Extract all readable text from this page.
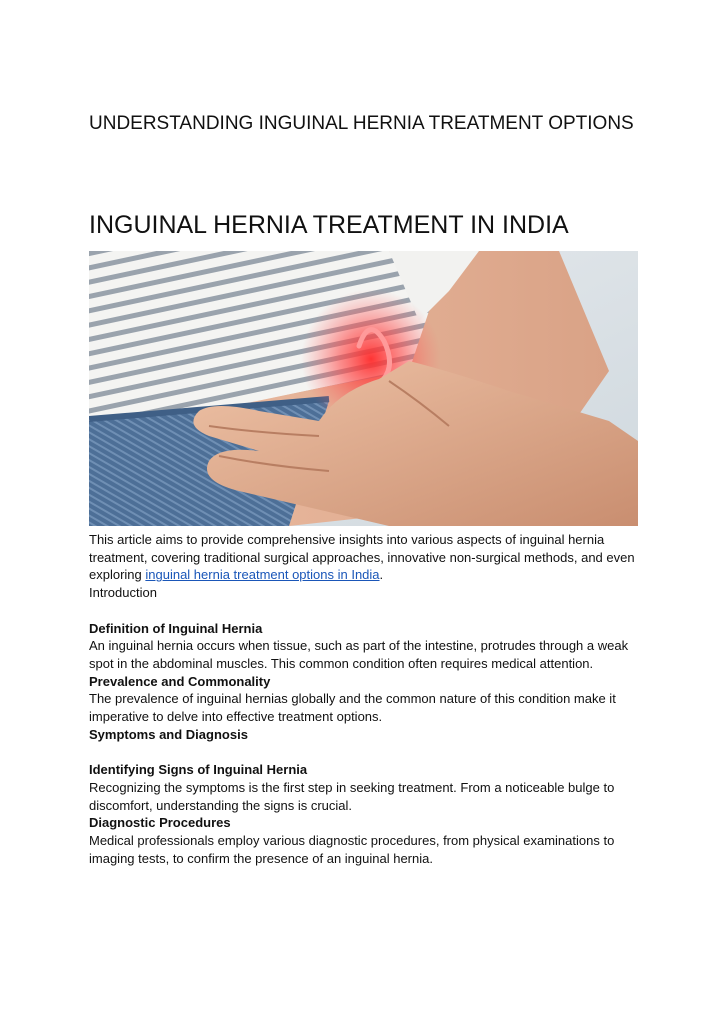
UNDERSTANDING INGUINAL HERNIA TREATMENT OPTIONS
INGUINAL HERNIA TREATMENT IN INDIA

This article aims to provide comprehensive insights into various aspects of inguinal hernia treatment, covering traditional surgical approaches, innovative non-surgical methods, and even exploring inguinal hernia treatment options in India.

Introduction

Definition of Inguinal Hernia

An inguinal hernia occurs when tissue, such as part of the intestine, protrudes through a weak spot in the abdominal muscles. This common condition often requires medical attention.

Prevalence and Commonality

The prevalence of inguinal hernias globally and the common nature of this condition make it imperative to delve into effective treatment options.

Symptoms and Diagnosis

Identifying Signs of Inguinal Hernia

Recognizing the symptoms is the first step in seeking treatment. From a noticeable bulge to discomfort, understanding the signs is crucial.

Diagnostic Procedures

Medical professionals employ various diagnostic procedures, from physical examinations to imaging tests, to confirm the presence of an inguinal hernia.
